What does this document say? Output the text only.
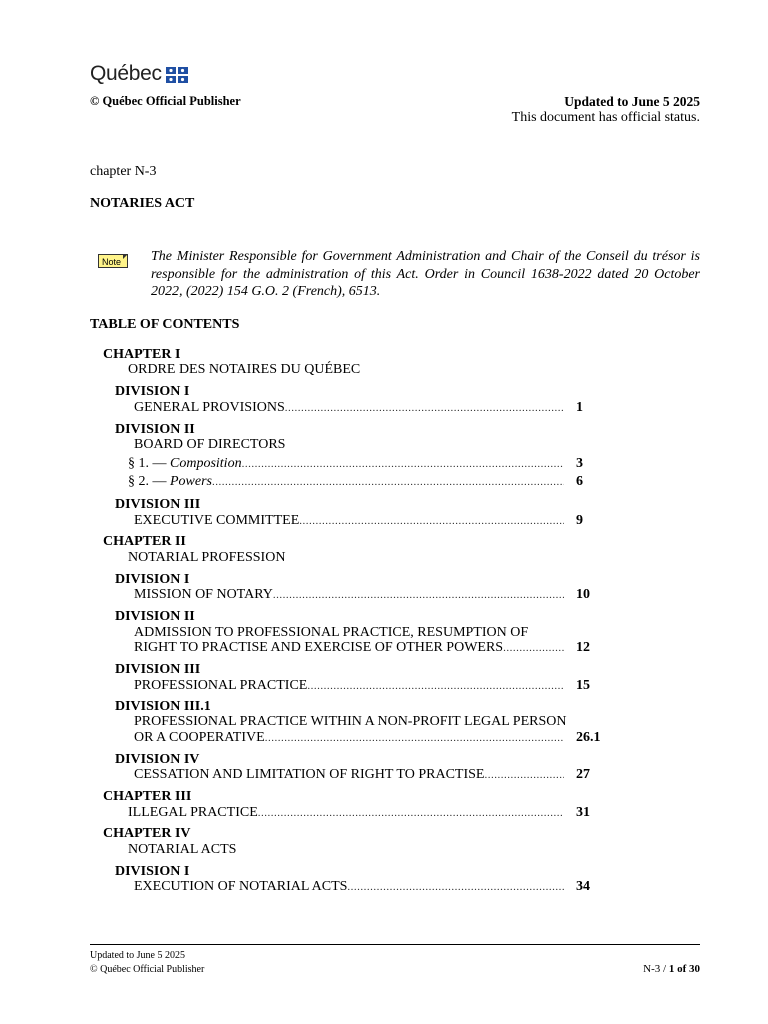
Québec
© Québec Official Publisher	Updated to June 5 2025
This document has official status.
chapter N-3
NOTARIES ACT
Note	The Minister Responsible for Government Administration and Chair of the Conseil du trésor is responsible for the administration of this Act. Order in Council 1638-2022 dated 20 October 2022, (2022) 154 G.O. 2 (French), 6513.
TABLE OF CONTENTS
CHAPTER I
ORDRE DES NOTAIRES DU QUÉBEC
DIVISION I
GENERAL PROVISIONS .....	1
DIVISION II
BOARD OF DIRECTORS
§ 1. — Composition .....	3
§ 2. — Powers .....	6
DIVISION III
EXECUTIVE COMMITTEE .....	9
CHAPTER II
NOTARIAL PROFESSION
DIVISION I
MISSION OF NOTARY .....	10
DIVISION II
ADMISSION TO PROFESSIONAL PRACTICE, RESUMPTION OF
RIGHT TO PRACTISE AND EXERCISE OF OTHER POWERS .....	12
DIVISION III
PROFESSIONAL PRACTICE .....	15
DIVISION III.1
PROFESSIONAL PRACTICE WITHIN A NON-PROFIT LEGAL PERSON
OR A COOPERATIVE .....	26.1
DIVISION IV
CESSATION AND LIMITATION OF RIGHT TO PRACTISE .....	27
CHAPTER III
ILLEGAL PRACTICE .....	31
CHAPTER IV
NOTARIAL ACTS
DIVISION I
EXECUTION OF NOTARIAL ACTS .....	34
Updated to June 5 2025
© Québec Official Publisher	N-3 / 1 of 30
